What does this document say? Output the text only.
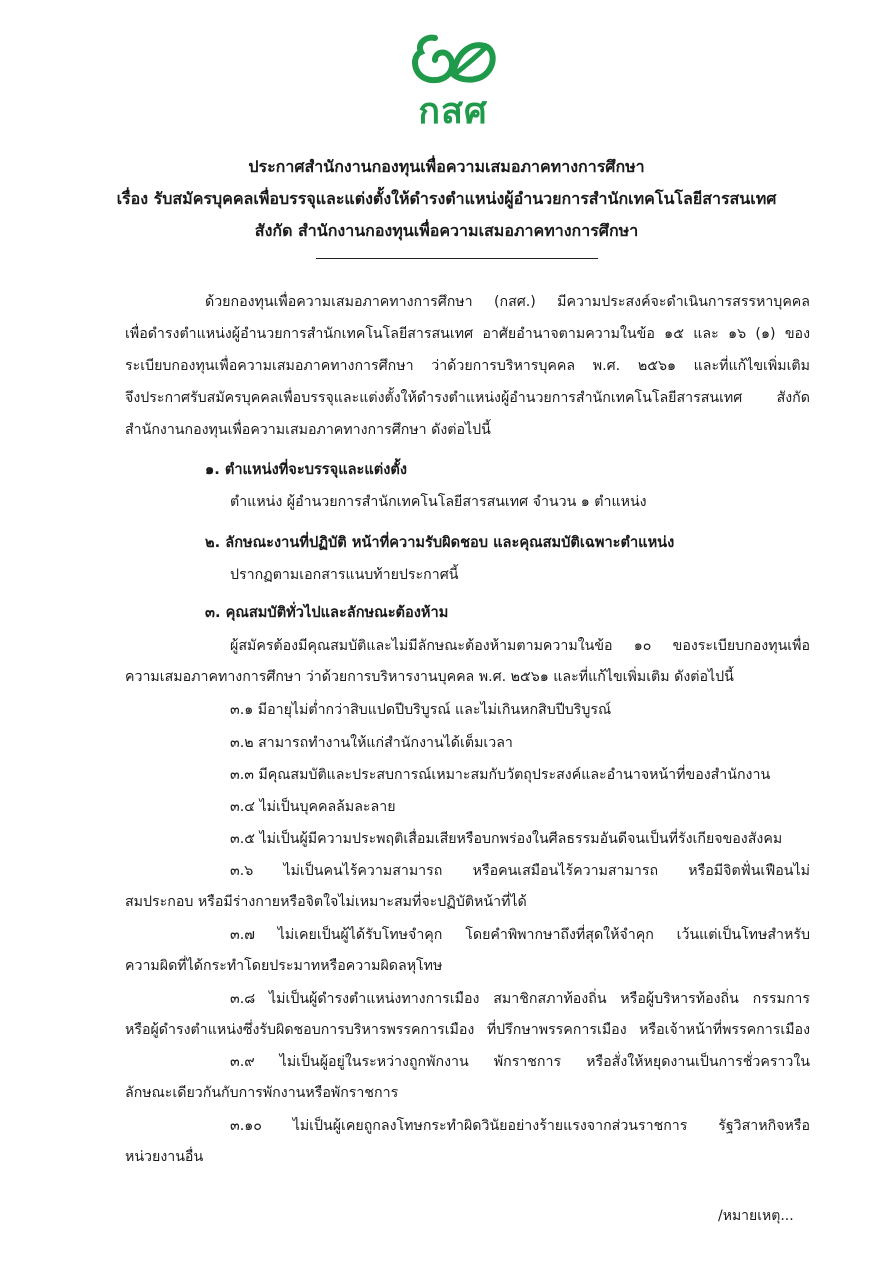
กสศ
ประกาศสำนักงานกองทุนเพื่อความเสมอภาคทางการศึกษา
เรื่อง รับสมัครบุคคลเพื่อบรรจุและแต่งตั้งให้ดำรงตำแหน่งผู้อำนวยการสำนักเทคโนโลยีสารสนเทศ
สังกัด สำนักงานกองทุนเพื่อความเสมอภาคทางการศึกษา
ด้วยกองทุนเพื่อความเสมอภาคทางการศึกษา (กสศ.) มีความประสงค์จะดำเนินการสรรหาบุคคล
เพื่อดำรงตำแหน่งผู้อำนวยการสำนักเทคโนโลยีสารสนเทศ อาศัยอำนาจตามความในข้อ ๑๕ และ ๑๖ (๑) ของ
ระเบียบกองทุนเพื่อความเสมอภาคทางการศึกษา ว่าด้วยการบริหารบุคคล พ.ศ. ๒๕๖๑ และที่แก้ไขเพิ่มเติม
จึงประกาศรับสมัครบุคคลเพื่อบรรจุและแต่งตั้งให้ดำรงตำแหน่งผู้อำนวยการสำนักเทคโนโลยีสารสนเทศ สังกัด
สำนักงานกองทุนเพื่อความเสมอภาคทางการศึกษา ดังต่อไปนี้
๑. ตำแหน่งที่จะบรรจุและแต่งตั้ง
ตำแหน่ง ผู้อำนวยการสำนักเทคโนโลยีสารสนเทศ จำนวน ๑ ตำแหน่ง
๒. ลักษณะงานที่ปฏิบัติ หน้าที่ความรับผิดชอบ และคุณสมบัติเฉพาะตำแหน่ง
ปรากฏตามเอกสารแนบท้ายประกาศนี้
๓. คุณสมบัติทั่วไปและลักษณะต้องห้าม
ผู้สมัครต้องมีคุณสมบัติและไม่มีลักษณะต้องห้ามตามความในข้อ ๑๐ ของระเบียบกองทุนเพื่อ
ความเสมอภาคทางการศึกษา ว่าด้วยการบริหารงานบุคคล พ.ศ. ๒๕๖๑ และที่แก้ไขเพิ่มเติม ดังต่อไปนี้
๓.๑ มีอายุไม่ต่ำกว่าสิบแปดปีบริบูรณ์ และไม่เกินหกสิบปีบริบูรณ์
๓.๒ สามารถทำงานให้แก่สำนักงานได้เต็มเวลา
๓.๓ มีคุณสมบัติและประสบการณ์เหมาะสมกับวัตถุประสงค์และอำนาจหน้าที่ของสำนักงาน
๓.๔ ไม่เป็นบุคคลล้มละลาย
๓.๕ ไม่เป็นผู้มีความประพฤติเสื่อมเสียหรือบกพร่องในศีลธรรมอันดีจนเป็นที่รังเกียจของสังคม
๓.๖ ไม่เป็นคนไร้ความสามารถ หรือคนเสมือนไร้ความสามารถ หรือมีจิตฟั่นเฟือนไม่
สมประกอบ หรือมีร่างกายหรือจิตใจไม่เหมาะสมที่จะปฏิบัติหน้าที่ได้
๓.๗ ไม่เคยเป็นผู้ได้รับโทษจำคุก โดยคำพิพากษาถึงที่สุดให้จำคุก เว้นแต่เป็นโทษสำหรับ
ความผิดที่ได้กระทำโดยประมาทหรือความผิดลหุโทษ
๓.๘ ไม่เป็นผู้ดำรงตำแหน่งทางการเมือง สมาชิกสภาท้องถิ่น หรือผู้บริหารท้องถิ่น กรรมการ
หรือผู้ดำรงตำแหน่งซึ่งรับผิดชอบการบริหารพรรคการเมือง ที่ปรึกษาพรรคการเมือง หรือเจ้าหน้าที่พรรคการเมือง
๓.๙ ไม่เป็นผู้อยู่ในระหว่างถูกพักงาน พักราชการ หรือสั่งให้หยุดงานเป็นการชั่วคราวใน
ลักษณะเดียวกันกับการพักงานหรือพักราชการ
๓.๑๐ ไม่เป็นผู้เคยถูกลงโทษกระทำผิดวินัยอย่างร้ายแรงจากส่วนราชการ รัฐวิสาหกิจหรือ
หน่วยงานอื่น
/หมายเหตุ...
